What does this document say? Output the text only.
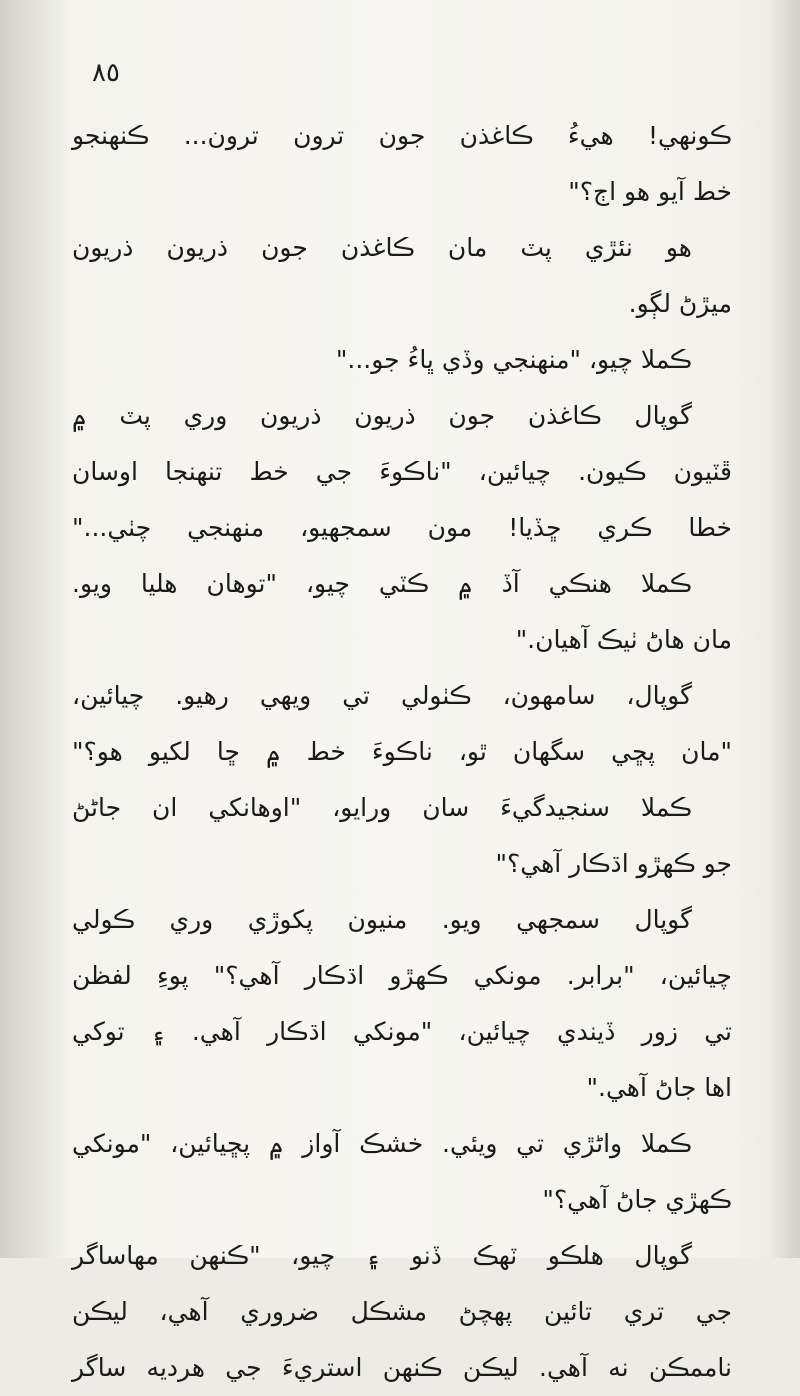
٨٥
ڪونهي! هيءُ ڪاغذن جون ترون ترون... ڪنهنجو
خط آيو هو اڄ؟"
هو نئڙي پٽ مان ڪاغذن جون ذريون ذريون
ميڙڻ لڳو.
ڪملا چيو، "منهنجي وڏي ڀاءُ جو..."
گوپال ڪاغذن جون ذريون ذريون وري پٽ ۾
ڦٽيون ڪيون. چيائين، "ناڪوءَ جي خط تنهنجا اوسان
خطا ڪري ڇڏيا! مون سمجهيو، منهنجي چٺي..."
ڪملا هنڪي آڏ ۾ ڪٽي چيو، "توهان هليا ويو.
مان هاڻ ٺيڪ آهيان."
گوپال، سامهون، ڪٺولي تي ويهي رهيو. چيائين،
"مان پڇي سگهان ٿو، ناڪوءَ خط ۾ ڇا لکيو هو؟"
ڪملا سنجيدگيءَ سان ورايو، "اوهانکي ان جاڻڻ
جو ڪهڙو اڌڪار آهي؟"
گوپال سمجهي ويو. منيون پکوڙي وري ڪولي
چيائين، "برابر. مونکي ڪهڙو اڌڪار آهي؟" پوءِ لفظن
تي زور ڏيندي چيائين، "مونکي اڌڪار آهي. ۽ توکي
اها جاڻ آهي."
ڪملا واڻڙي تي ويئي. خشڪ آواز ۾ پڇيائين، "مونکي
ڪهڙي جاڻ آهي؟"
گوپال هلڪو ٽهڪ ڏنو ۽ چيو، "ڪنهن مهاساگر
جي تري تائين پهچڻ مشڪل ضروري آهي، ليڪن
ناممڪن نه آهي. ليڪن ڪنهن استريءَ جي هرديه ساگر
